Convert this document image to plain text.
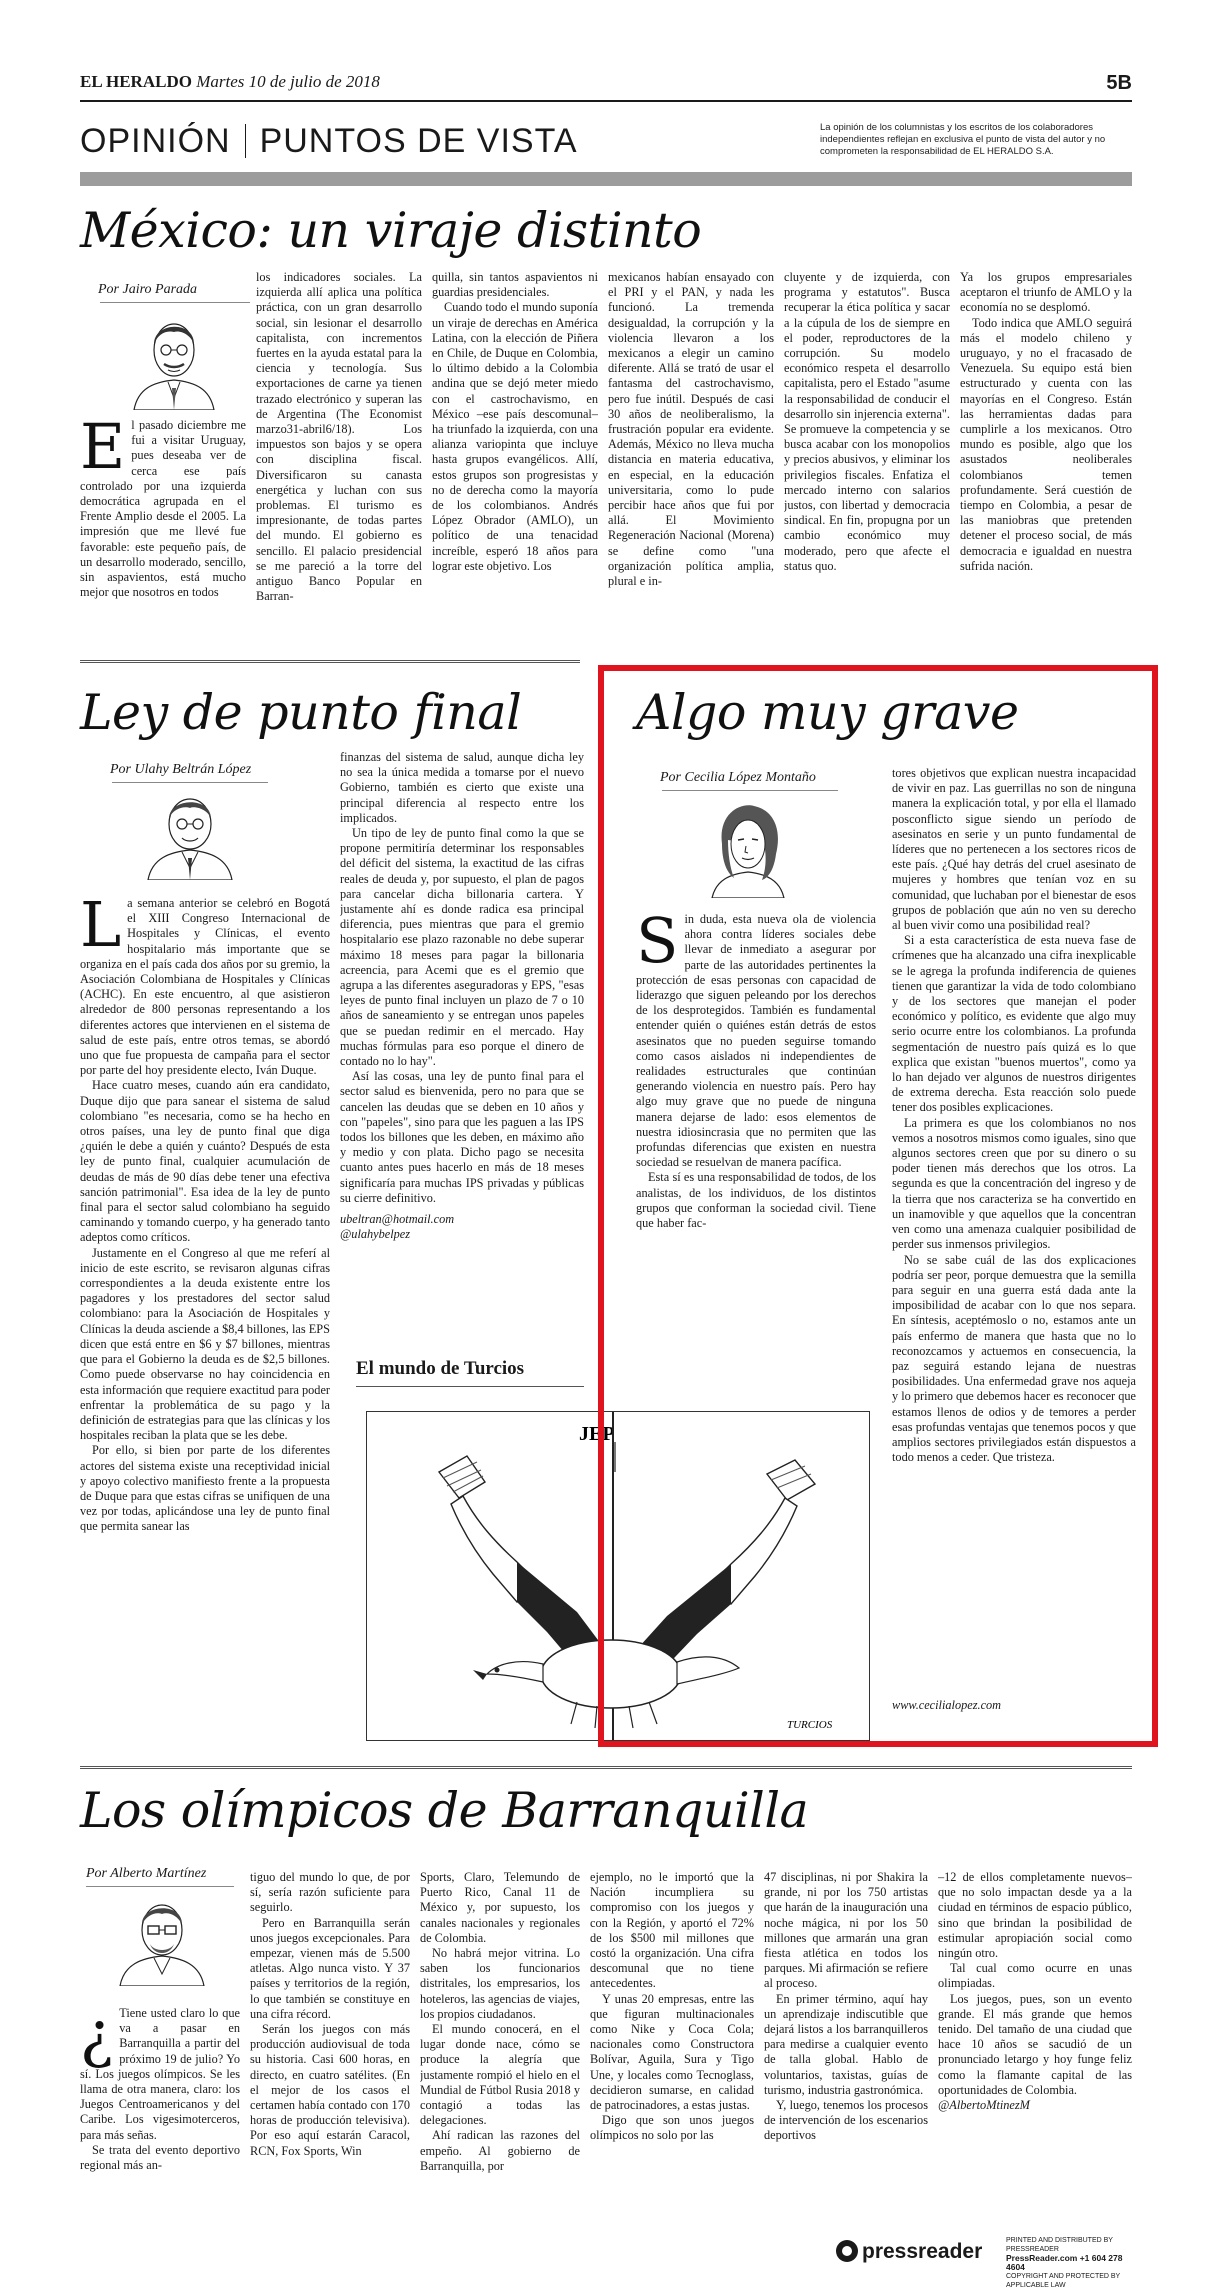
EL HERALDO Martes 10 de julio de 2018	5B
OPINIÓN PUNTOS DE VISTA	La opinión de los columnistas y los escritos de los colaboradores independientes reflejan en exclusiva el punto de vista del autor y no comprometen la responsabilidad de EL HERALDO S.A.
México: un viraje distinto
Por Jairo Parada

El pasado diciembre me fui a visitar Uruguay, pues deseaba ver de cerca ese país controlado por una izquierda democrática agrupada en el Frente Amplio desde el 2005. La impresión que me llevé fue favorable: este pequeño país, de un desarrollo moderado, sencillo, sin aspavientos, está mucho mejor que nosotros en todos

los indicadores sociales. La izquierda allí aplica una política práctica, con un gran desarrollo social, sin lesionar el desarrollo capitalista, con incrementos fuertes en la ayuda estatal para la ciencia y tecnología. Sus exportaciones de carne ya tienen trazado electrónico y superan las de Argentina (The Economist marzo31-abril6/18). Los impuestos son bajos y se opera con disciplina fiscal. Diversificaron su canasta energética y luchan con sus problemas. El turismo es impresionante, de todas partes del mundo. El gobierno es sencillo. El palacio presidencial se me pareció a la torre del antiguo Banco Popular en Barran-

quilla, sin tantos aspavientos ni guardias presidenciales.

Cuando todo el mundo suponía un viraje de derechas en América Latina, con la elección de Piñera en Chile, de Duque en Colombia, lo último debido a la Colombia andina que se dejó meter miedo con el castrochavismo, en México –ese país descomunal– ha triunfado la izquierda, con una alianza variopinta que incluye hasta grupos evangélicos. Allí, estos grupos son progresistas y no de derecha como la mayoría de los colombianos. Andrés López Obrador (AMLO), un político de una tenacidad increíble, esperó 18 años para lograr este objetivo. Los

mexicanos habían ensayado con el PRI y el PAN, y nada les funcionó. La tremenda desigualdad, la corrupción y la violencia llevaron a los mexicanos a elegir un camino diferente. Allá se trató de usar el fantasma del castrochavismo, pero fue inútil. Después de casi 30 años de neoliberalismo, la frustración popular era evidente. Además, México no lleva mucha distancia en materia educativa, en especial, en la educación universitaria, como lo pude percibir hace años que fui por allá. El Movimiento Regeneración Nacional (Morena) se define como "una organización política amplia, plural e in-

cluyente y de izquierda, con programa y estatutos". Busca recuperar la ética política y sacar a la cúpula de los de siempre en el poder, reproductores de la corrupción. Su modelo económico respeta el desarrollo capitalista, pero el Estado "asume la responsabilidad de conducir el desarrollo sin injerencia externa". Se promueve la competencia y se busca acabar con los monopolios y precios abusivos, y eliminar los privilegios fiscales. Enfatiza el mercado interno con salarios justos, con libertad y democracia sindical. En fin, propugna por un cambio económico muy moderado, pero que afecte el status quo.

Ya los grupos empresariales aceptaron el triunfo de AMLO y la economía no se desplomó.

Todo indica que AMLO seguirá más el modelo chileno y uruguayo, y no el fracasado de Venezuela. Su equipo está bien estructurado y cuenta con las mayorías en el Congreso. Están las herramientas dadas para cumplirle a los mexicanos. Otro mundo es posible, algo que los asustados neoliberales colombianos temen profundamente. Será cuestión de tiempo en Colombia, a pesar de las maniobras que pretenden detener el proceso social, de más democracia e igualdad en nuestra sufrida nación.

Ley de punto final
Por Ulahy Beltrán López

La semana anterior se celebró en Bogotá el XIII Congreso Internacional de Hospitales y Clínicas, el evento hospitalario más importante que se organiza en el país cada dos años por su gremio, la Asociación Colombiana de Hospitales y Clínicas (ACHC). En este encuentro, al que asistieron alrededor de 800 personas representando a los diferentes actores que intervienen en el sistema de salud de este país, entre otros temas, se abordó uno que fue propuesta de campaña para el sector por parte del hoy presidente electo, Iván Duque.

Hace cuatro meses, cuando aún era candidato, Duque dijo que para sanear el sistema de salud colombiano "es necesaria, como se ha hecho en otros países, una ley de punto final que diga ¿quién le debe a quién y cuánto? Después de esta ley de punto final, cualquier acumulación de deudas de más de 90 días debe tener una efectiva sanción patrimonial". Esa idea de la ley de punto final para el sector salud colombiano ha seguido caminando y tomando cuerpo, y ha generado tanto adeptos como críticos.

Justamente en el Congreso al que me referí al inicio de este escrito, se revisaron algunas cifras correspondientes a la deuda existente entre los pagadores y los prestadores del sector salud colombiano: para la Asociación de Hospitales y Clínicas la deuda asciende a $8,4 billones, las EPS dicen que está entre en $6 y $7 billones, mientras que para el Gobierno la deuda es de $2,5 billones. Como puede observarse no hay coincidencia en esta información que requiere exactitud para poder enfrentar la problemática de su pago y la definición de estrategias para que las clínicas y los hospitales reciban la plata que se les debe.

Por ello, si bien por parte de los diferentes actores del sistema existe una receptividad inicial y apoyo colectivo manifiesto frente a la propuesta de Duque para que estas cifras se unifiquen de una vez por todas, aplicándose una ley de punto final que permita sanear las

finanzas del sistema de salud, aunque dicha ley no sea la única medida a tomarse por el nuevo Gobierno, también es cierto que existe una principal diferencia al respecto entre los implicados.

Un tipo de ley de punto final como la que se propone permitiría determinar los responsables del déficit del sistema, la exactitud de las cifras reales de deuda y, por supuesto, el plan de pagos para cancelar dicha billonaria cartera. Y justamente ahí es donde radica esa principal diferencia, pues mientras que para el gremio hospitalario ese plazo razonable no debe superar máximo 18 meses para pagar la billonaria acreencia, para Acemi que es el gremio que agrupa a las diferentes aseguradoras y EPS, "esas leyes de punto final incluyen un plazo de 7 o 10 años de saneamiento y se entregan unos papeles que se puedan redimir en el mercado. Hay muchas fórmulas para eso porque el dinero de contado no lo hay".

Así las cosas, una ley de punto final para el sector salud es bienvenida, pero no para que se cancelen las deudas que se deben en 10 años y con "papeles", sino para que les paguen a las IPS todos los billones que les deben, en máximo año y medio y con plata. Dicho pago se necesita cuanto antes pues hacerlo en más de 18 meses significaría para muchas IPS privadas y públicas su cierre definitivo.

ubeltran@hotmail.com

@ulahybelpez

El mundo de Turcios
JEP
TURCIOS
Algo muy grave
Por Cecilia López Montaño

Sin duda, esta nueva ola de violencia ahora contra líderes sociales debe llevar de inmediato a asegurar por parte de las autoridades pertinentes la protección de esas personas con capacidad de liderazgo que siguen peleando por los derechos de los desprotegidos. También es fundamental entender quién o quiénes están detrás de estos asesinatos que no pueden seguirse tomando como casos aislados ni independientes de realidades estructurales que continúan generando violencia en nuestro país. Pero hay algo muy grave que no puede de ninguna manera dejarse de lado: esos elementos de nuestra idiosincrasia que no permiten que las profundas diferencias que existen en nuestra sociedad se resuelvan de manera pacífica.

Esta sí es una responsabilidad de todos, de los analistas, de los individuos, de los distintos grupos que conforman la sociedad civil. Tiene que haber fac-

tores objetivos que explican nuestra incapacidad de vivir en paz. Las guerrillas no son de ninguna manera la explicación total, y por ella el llamado posconflicto sigue siendo un período de asesinatos en serie y un punto fundamental de líderes que no pertenecen a los sectores ricos de este país. ¿Qué hay detrás del cruel asesinato de mujeres y hombres que tenían voz en su comunidad, que luchaban por el bienestar de esos grupos de población que aún no ven su derecho al buen vivir como una posibilidad real?

Si a esta característica de esta nueva fase de crímenes que ha alcanzado una cifra inexplicable se le agrega la profunda indiferencia de quienes tienen que garantizar la vida de todo colombiano y de los sectores que manejan el poder económico y político, es evidente que algo muy serio ocurre entre los colombianos. La profunda segmentación de nuestro país quizá es lo que explica que existan "buenos muertos", como ya lo han dejado ver algunos de nuestros dirigentes de extrema derecha. Esta reacción solo puede tener dos posibles explicaciones.

La primera es que los colombianos no nos vemos a nosotros mismos como iguales, sino que algunos sectores creen que por su dinero o su poder tienen más derechos que los otros. La segunda es que la concentración del ingreso y de la tierra que nos caracteriza se ha convertido en un inamovible y que aquellos que la concentran ven como una amenaza cualquier posibilidad de perder sus inmensos privilegios.

No se sabe cuál de las dos explicaciones podría ser peor, porque demuestra que la semilla para seguir en una guerra está dada ante la imposibilidad de acabar con lo que nos separa. En síntesis, aceptémoslo o no, estamos ante un país enfermo de manera que hasta que no lo reconozcamos y actuemos en consecuencia, la paz seguirá estando lejana de nuestras posibilidades. Una enfermedad grave nos aqueja y lo primero que debemos hacer es reconocer que estamos llenos de odios y de temores a perder esas profundas ventajas que tenemos pocos y que amplios sectores privilegiados están dispuestos a todo menos a ceder. Que tristeza.

www.cecilialopez.com

Los olímpicos de Barranquilla
Por Alberto Martínez

¿ Tiene usted claro lo que va a pasar en Barranquilla a partir del próximo 19 de julio? Yo sí. Los juegos olímpicos. Se les llama de otra manera, claro: los Juegos Centroamericanos y del Caribe. Los vigesimoterceros, para más señas.

Se trata del evento deportivo regional más an-

tiguo del mundo lo que, de por sí, sería razón suficiente para seguirlo.

Pero en Barranquilla serán unos juegos excepcionales. Para empezar, vienen más de 5.500 atletas. Algo nunca visto. Y 37 países y territorios de la región, lo que también se constituye en una cifra récord.

Serán los juegos con más producción audiovisual de toda su historia. Casi 600 horas, en directo, en cuatro satélites. (En el mejor de los casos el certamen había contado con 170 horas de producción televisiva). Por eso aquí estarán Caracol, RCN, Fox Sports, Win

Sports, Claro, Telemundo de Puerto Rico, Canal 11 de México y, por supuesto, los canales nacionales y regionales de Colombia.

No habrá mejor vitrina. Lo saben los funcionarios distritales, los empresarios, los hoteleros, las agencias de viajes, los propios ciudadanos.

El mundo conocerá, en el lugar donde nace, cómo se produce la alegría que justamente rompió el hielo en el Mundial de Fútbol Rusia 2018 y contagió a todas las delegaciones.

Ahí radican las razones del empeño. Al gobierno de Barranquilla, por

ejemplo, no le importó que la Nación incumpliera su compromiso con los juegos y con la Región, y aportó el 72% de los $500 mil millones que costó la organización. Una cifra descomunal que no tiene antecedentes.

Y unas 20 empresas, entre las que figuran multinacionales como Nike y Coca Cola; nacionales como Constructora Bolívar, Aguila, Sura y Tigo Une, y locales como Tecnoglass, decidieron sumarse, en calidad de patrocinadores, a estas justas.

Digo que son unos juegos olímpicos no solo por las

47 disciplinas, ni por Shakira la grande, ni por los 750 artistas que harán de la inauguración una noche mágica, ni por los 50 millones que armarán una gran fiesta atlética en todos los parques. Mi afirmación se refiere al proceso.

En primer término, aquí hay un aprendizaje indiscutible que dejará listos a los barranquilleros para medirse a cualquier evento de talla global. Hablo de voluntarios, taxistas, guías de turismo, industria gastronómica.

Y, luego, tenemos los procesos de intervención de los escenarios deportivos

–12 de ellos completamente nuevos– que no solo impactan desde ya a la ciudad en términos de espacio público, sino que brindan la posibilidad de estimular apropiación social como ningún otro.

Tal cual como ocurre en unas olimpiadas.

Los juegos, pues, son un evento grande. El más grande que hemos tenido. Del tamaño de una ciudad que hace 10 años se sacudió de un pronunciado letargo y hoy funge feliz como la flamante capital de las oportunidades de Colombia.

@AlbertoMtinezM

pressreader	PRINTED AND DISTRIBUTED BY PRESSREADER
PressReader.com +1 604 278 4604
COPYRIGHT AND PROTECTED BY APPLICABLE LAW
